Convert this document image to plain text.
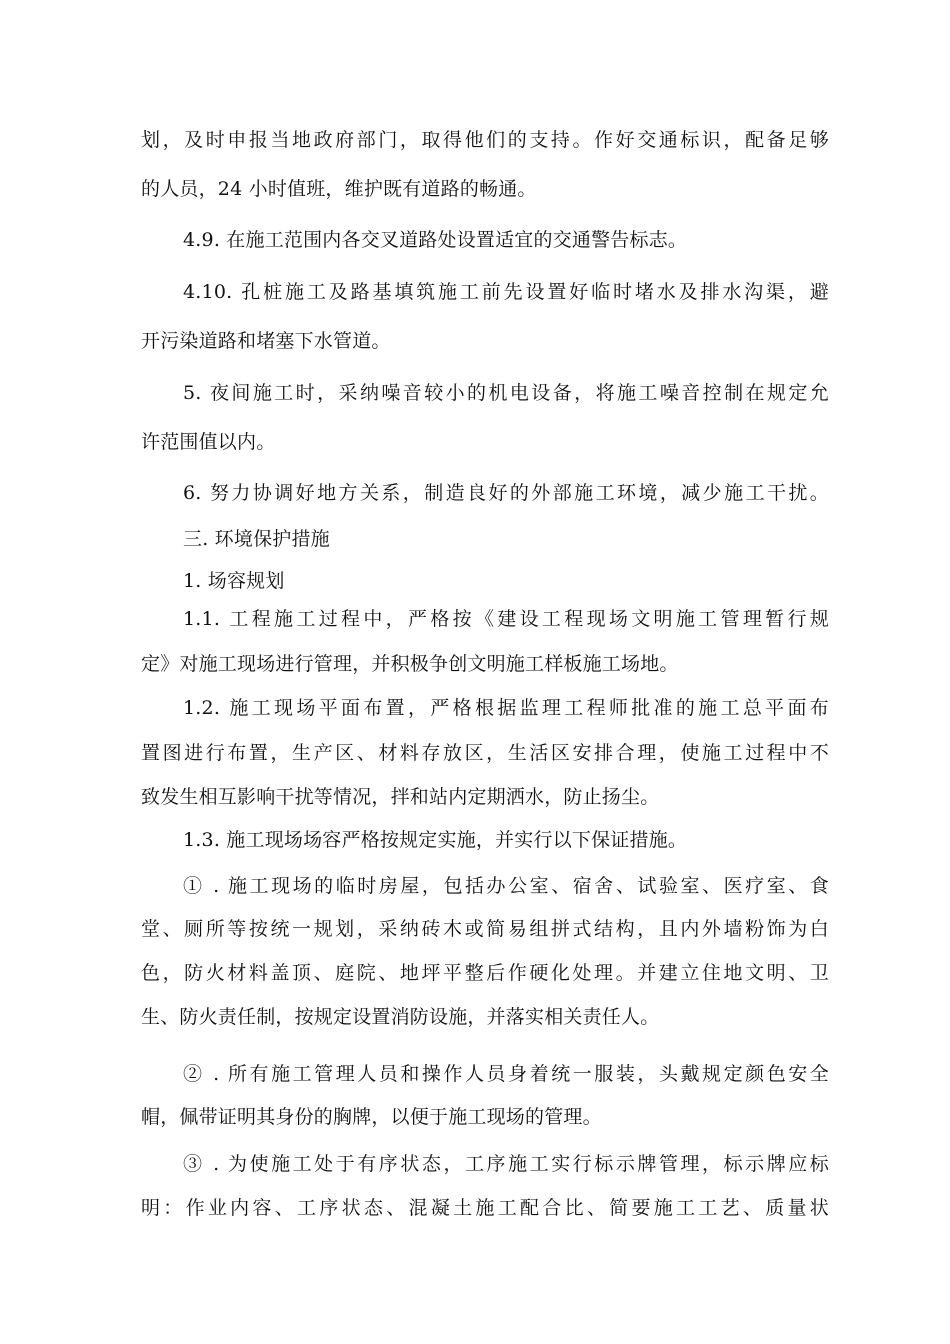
划，及时申报当地政府部门，取得他们的支持。作好交通标识，配备足够
的人员，24 小时值班，维护既有道路的畅通。
4.9. 在施工范围内各交叉道路处设置适宜的交通警告标志。
4.10. 孔桩施工及路基填筑施工前先设置好临时堵水及排水沟渠，避
开污染道路和堵塞下水管道。
5. 夜间施工时，采纳噪音较小的机电设备，将施工噪音控制在规定允
许范围值以内。
6. 努力协调好地方关系，制造良好的外部施工环境，减少施工干扰。
三. 环境保护措施
1. 场容规划
1.1. 工程施工过程中，严格按《建设工程现场文明施工管理暂行规
定》对施工现场进行管理，并积极争创文明施工样板施工场地。
1.2. 施工现场平面布置，严格根据监理工程师批准的施工总平面布
置图进行布置，生产区、材料存放区，生活区安排合理，使施工过程中不
致发生相互影响干扰等情况，拌和站内定期洒水，防止扬尘。
1.3. 施工现场场容严格按规定实施，并实行以下保证措施。
① . 施工现场的临时房屋，包括办公室、宿舍、试验室、医疗室、食
堂、厕所等按统一规划，采纳砖木或简易组拼式结构，且内外墙粉饰为白
色，防火材料盖顶、庭院、地坪平整后作硬化处理。并建立住地文明、卫
生、防火责任制，按规定设置消防设施，并落实相关责任人。
② . 所有施工管理人员和操作人员身着统一服装，头戴规定颜色安全
帽，佩带证明其身份的胸牌，以便于施工现场的管理。
③ . 为使施工处于有序状态，工序施工实行标示牌管理，标示牌应标
明：作业内容、工序状态、混凝土施工配合比、简要施工工艺、质量状
